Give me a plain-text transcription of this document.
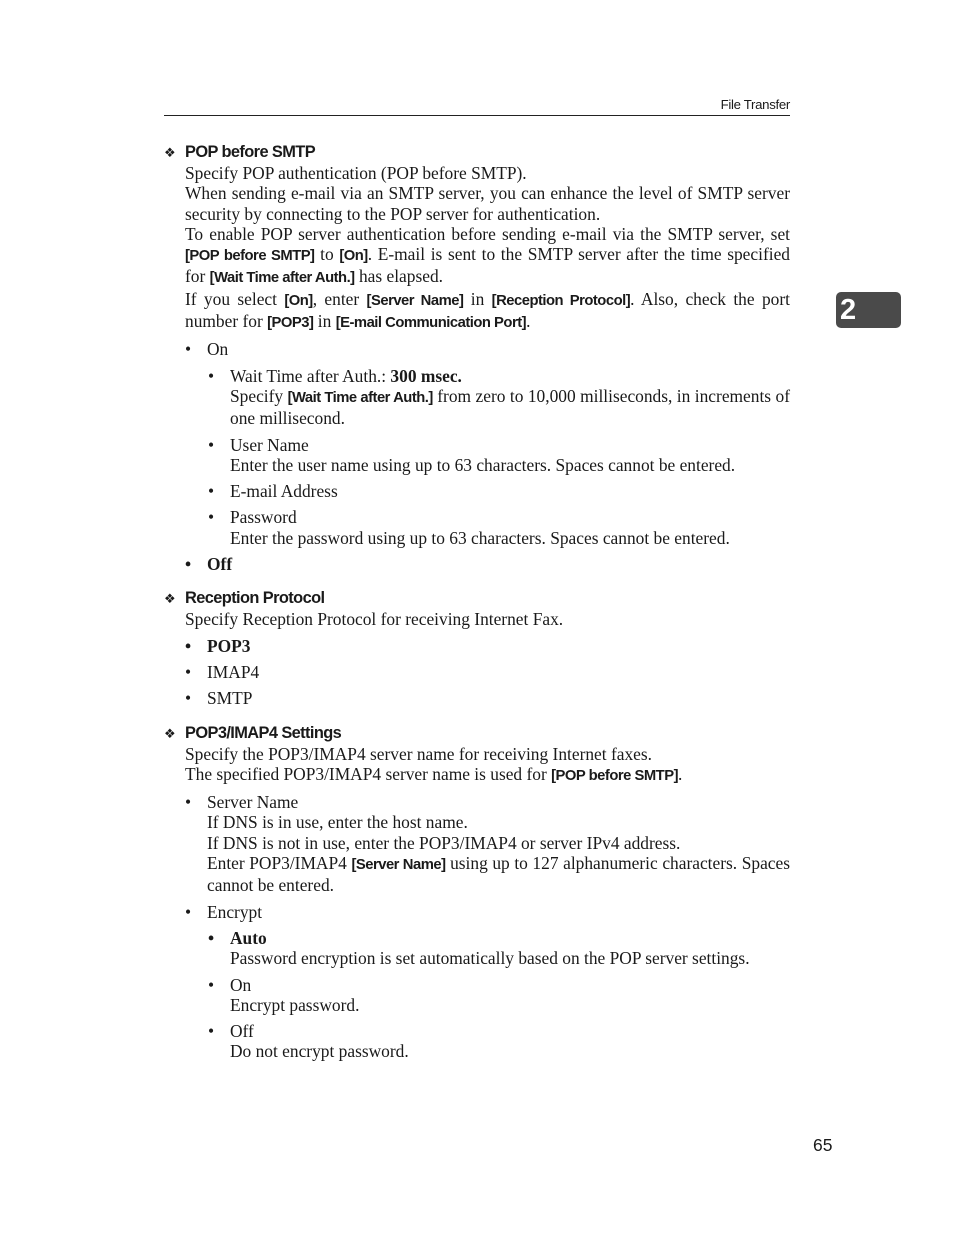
File Transfer
2
❖ POP before SMTP

Specify POP authentication (POP before SMTP).

When sending e-mail via an SMTP server, you can enhance the level of SMTP server security by connecting to the POP server for authentication.

To enable POP server authentication before sending e-mail via the SMTP server, set [POP before SMTP] to [On]. E-mail is sent to the SMTP server after the time specified for [Wait Time after Auth.] has elapsed.

If you select [On], enter [Server Name] in [Reception Protocol]. Also, check the port number for [POP3] in [E-mail Communication Port].

• On
• Wait Time after Auth.: 300 msec.

Specify [Wait Time after Auth.] from zero to 10,000 milliseconds, in increments of one millisecond.

• User Name

Enter the user name using up to 63 characters. Spaces cannot be entered.

• E-mail Address
• Password

Enter the password using up to 63 characters. Spaces cannot be entered.

• Off
❖ Reception Protocol

Specify Reception Protocol for receiving Internet Fax.

• POP3
• IMAP4
• SMTP
❖ POP3/IMAP4 Settings

Specify the POP3/IMAP4 server name for receiving Internet faxes.

The specified POP3/IMAP4 server name is used for [POP before SMTP].

• Server Name

If DNS is in use, enter the host name.

If DNS is not in use, enter the POP3/IMAP4 or server IPv4 address.

Enter POP3/IMAP4 [Server Name] using up to 127 alphanumeric characters. Spaces cannot be entered.

• Encrypt
• Auto

Password encryption is set automatically based on the POP server settings.

• On

Encrypt password.

• Off

Do not encrypt password.

65
